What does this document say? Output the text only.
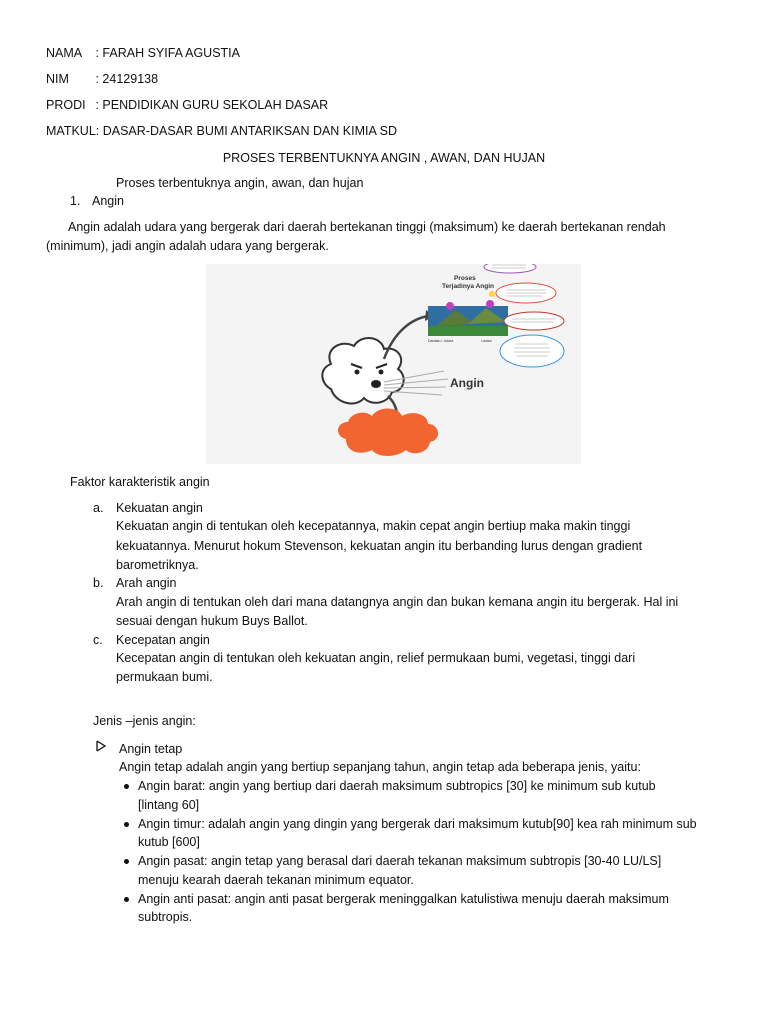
NAMA : FARAH SYIFA AGUSTIA
NIM : 24129138
PRODI : PENDIDIKAN GURU SEKOLAH DASAR
MATKUL: DASAR-DASAR BUMI ANTARIKSAN DAN KIMIA SD
PROSES TERBENTUKNYA ANGIN , AWAN, DAN HUJAN
Proses terbentuknya angin, awan, dan hujan
1. Angin
Angin adalah udara yang bergerak dari daerah bertekanan tinggi (maksimum) ke daerah bertekanan rendah
(minimum), jadi angin adalah udara yang bergerak.
Daratan • Udara	Lautan
Proses
Terjadinya Angin
Angin
Faktor karakteristik angin
a. Kekuatan angin
Kekuatan angin di tentukan oleh kecepatannya, makin cepat angin bertiup maka makin tinggi
kekuatannya. Menurut hokum Stevenson, kekuatan angin itu berbanding lurus dengan gradient
barometriknya.
b. Arah angin
Arah angin di tentukan oleh dari mana datangnya angin dan bukan kemana angin itu bergerak. Hal ini
sesuai dengan hukum Buys Ballot.
c. Kecepatan angin
Kecepatan angin di tentukan oleh kekuatan angin, relief permukaan bumi, vegetasi, tinggi dari
permukaan bumi.
Jenis –jenis angin:
Angin tetap
Angin tetap adalah angin yang bertiup sepanjang tahun, angin tetap ada beberapa jenis, yaitu:
Angin barat: angin yang bertiup dari daerah maksimum subtropics [30] ke minimum sub kutub
[lintang 60]
Angin timur: adalah angin yang dingin yang bergerak dari maksimum kutub[90] kea rah minimum sub
kutub [600]
Angin pasat: angin tetap yang berasal dari daerah tekanan maksimum subtropis [30-40 LU/LS]
menuju kearah daerah tekanan minimum equator.
Angin anti pasat: angin anti pasat bergerak meninggalkan katulistiwa menuju daerah maksimum
subtropis.
